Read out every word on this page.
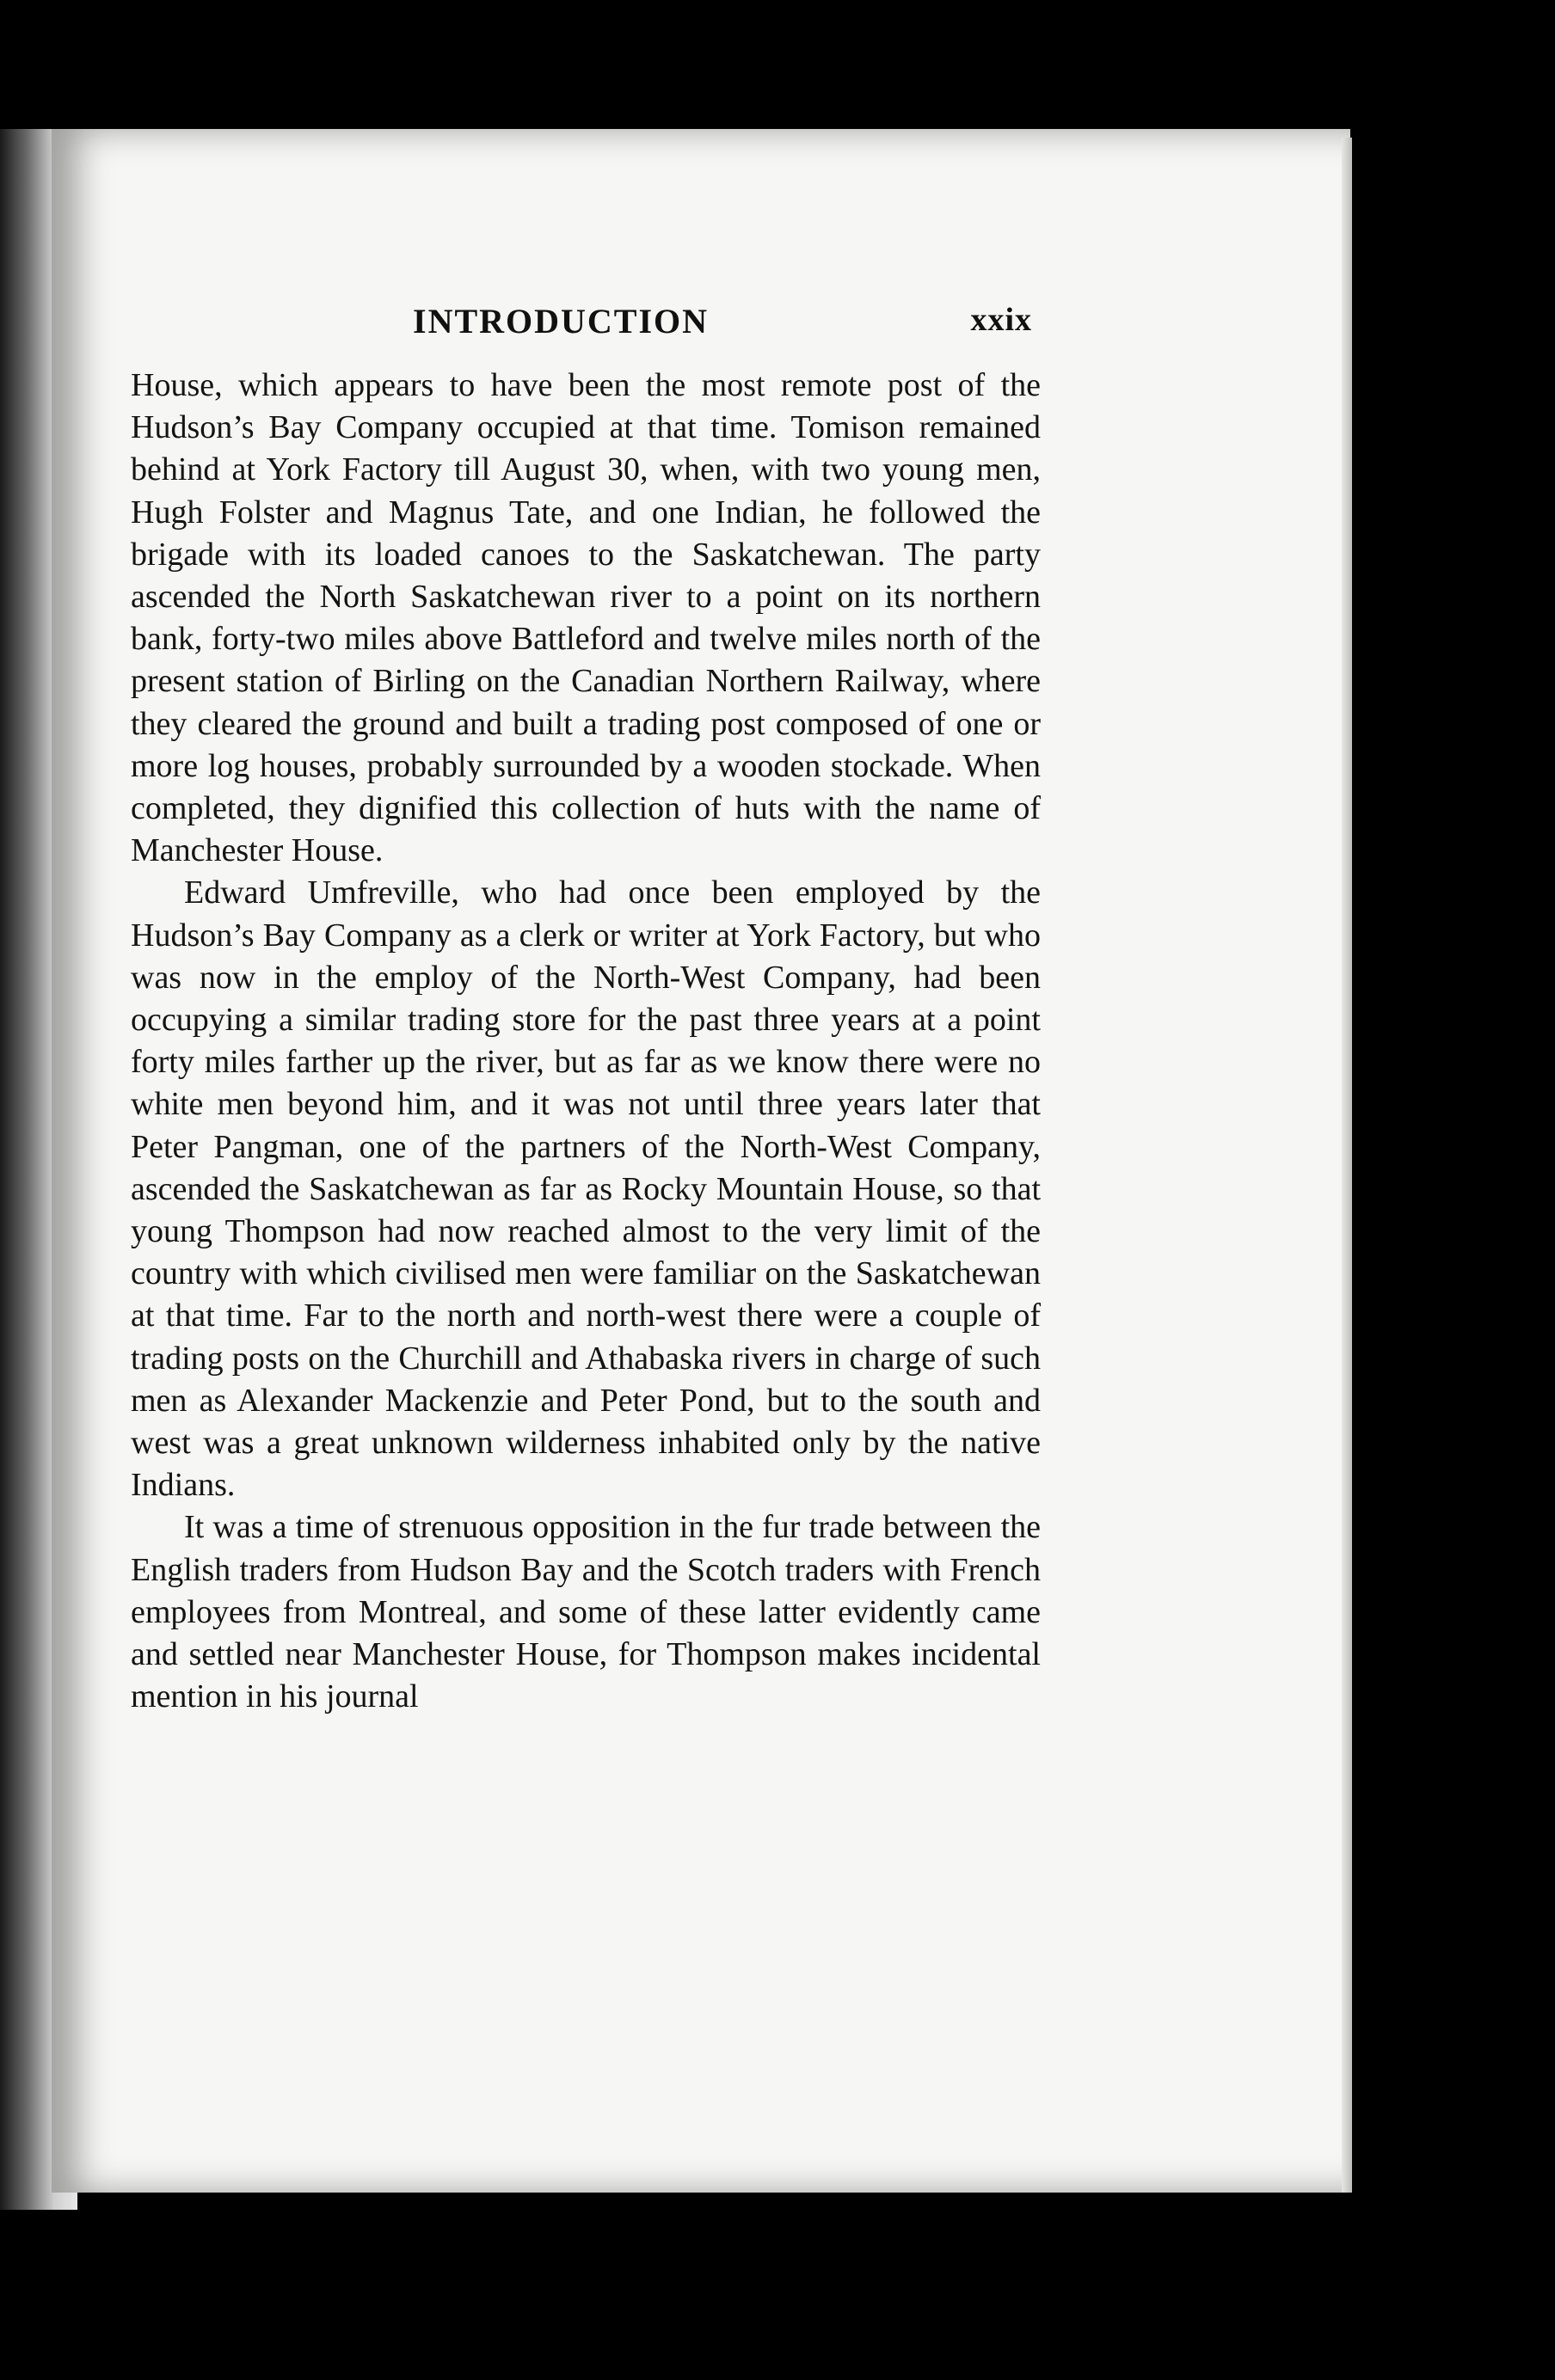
INTRODUCTION	xxix

House, which appears to have been the most remote post of the Hudson’s Bay Company occupied at that time. Tomison remained behind at York Factory till August 30, when, with two young men, Hugh Folster and Magnus Tate, and one Indian, he followed the brigade with its loaded canoes to the Saskatchewan. The party ascended the North Saskatchewan river to a point on its northern bank, forty-two miles above Battleford and twelve miles north of the present station of Birling on the Canadian Northern Railway, where they cleared the ground and built a trading post composed of one or more log houses, probably surrounded by a wooden stockade. When completed, they dignified this collection of huts with the name of Manchester House.

Edward Umfreville, who had once been employed by the Hudson’s Bay Company as a clerk or writer at York Factory, but who was now in the employ of the North-West Company, had been occupying a similar trading store for the past three years at a point forty miles farther up the river, but as far as we know there were no white men beyond him, and it was not until three years later that Peter Pangman, one of the partners of the North-West Company, ascended the Saskatchewan as far as Rocky Mountain House, so that young Thompson had now reached almost to the very limit of the country with which civilised men were familiar on the Saskatchewan at that time. Far to the north and north-west there were a couple of trading posts on the Churchill and Athabaska rivers in charge of such men as Alexander Mackenzie and Peter Pond, but to the south and west was a great unknown wilderness inhabited only by the native Indians.

It was a time of strenuous opposition in the fur trade between the English traders from Hudson Bay and the Scotch traders with French employees from Montreal, and some of these latter evidently came and settled near Manchester House, for Thompson makes incidental mention in his journal
